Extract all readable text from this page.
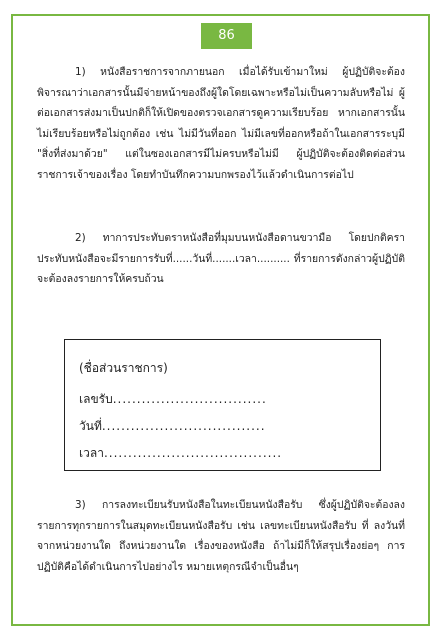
86

1) หนังสือราชการจากภายนอก เมื่อได้รับเข้ามาใหม่ ผู้ปฏิบัติจะต้องพิจารณาว่าเอกสารนั้นมีจ่ายหน้าของถึงผู้ใดโดยเฉพาะหรือไม่เป็นความลับหรือไม่ ผู้ต่อเอกสารส่งมาเป็นปกติก็ให้เปิดของตรวจเอกสารดูความเรียบร้อย หากเอกสารนั้นไม่เรียบร้อยหรือไม่ถูกต้อง เช่น ไม่มีวันที่ออก ไม่มีเลขที่ออกหรือถ้าในเอกสารระบุมี "สิ่งที่ส่งมาด้วย" แต่ในซองเอกสารมีไม่ครบหรือไม่มี ผู้ปฏิบัติจะต้องติดต่อส่วนราชการเจ้าของเรื่อง โดยทำบันทึกความบกพรองไว้แล้วดำเนินการต่อไป

2) ทาการประทับตราหนังสือที่มุมบนหนังสือดานขวามือ โดยปกติคราประทับหนังสือจะมีรายการรับที่......วันที่.......เวลา.......... ที่รายการดังกล่าวผู้ปฏิบัติจะต้องลงรายการให้ครบถ้วน

(ชื่อส่วนราชการ)
เลขรับ................................
วันที่..................................
เวลา.....................................

3) การลงทะเบียนรับหนังสือในทะเบียนหนังสือรับ ซึ่งผู้ปฏิบัติจะต้องลงรายการทุกรายการในสมุดทะเบียนหนังสือรับ เช่น เลขทะเบียนหนังสือรับ ที่ ลงวันที่ จากหน่วยงานใด ถึงหน่วยงานใด เรื่องของหนังสือ ถ้าไม่มีก็ให้สรุปเรื่องย่อๆ การปฏิบัติคือได้ดำเนินการไปอย่างไร หมายเหตุกรณีจำเป็นอื่นๆ
